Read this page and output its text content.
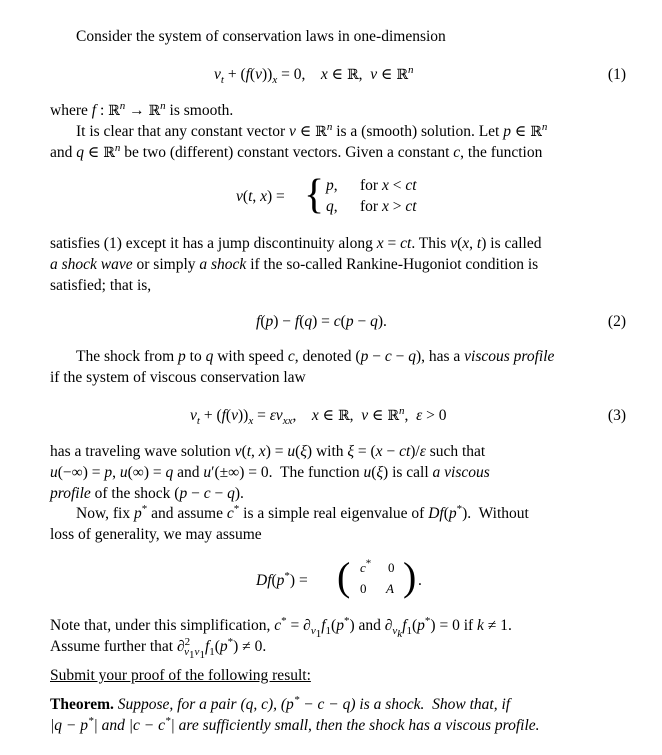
Consider the system of conservation laws in one-dimension
$v_t + (f(v))_x = 0$,    x ∈ ℝ,  v ∈ ℝ$^n$	(1)
where f : ℝ$^n$ → ℝ$^n$ is smooth.
It is clear that any constant vector v ∈ ℝ$^n$ is a (smooth) solution. Let p ∈ ℝ$^n$
and q ∈ ℝ$^n$ be two (different) constant vectors. Given a constant c, the function
v(t, x) = { p, for x < ct
q, for x > ct
satisfies (1) except it has a jump discontinuity along x = ct. This v(x, t) is called
a shock wave or simply a shock if the so-called Rankine-Hugoniot condition is
satisfied; that is,
f(p) − f(q) = c(p − q).	(2)
The shock from p to q with speed c, denoted (p − c − q), has a viscous profile
if the system of viscous conservation law
$v_t + (f(v))_x = \varepsilon v_{xx}$,    x ∈ ℝ,  v ∈ ℝ$^n$,  ε > 0	(3)
has a traveling wave solution v(t, x) = u(ξ) with ξ = (x − ct)/ε such that
u(−∞) = p, u(∞) = q and u′(±∞) = 0.  The function u(ξ) is call a viscous
profile of the shock (p − c − q).
Now, fix p* and assume c* is a simple real eigenvalue of Df(p*).  Without
loss of generality, we may assume
Df(p*) = ( c* 0
0 A ) .
Note that, under this simplification, $c^* = \partial_{v_1}f_1(p^*)$ and $\partial_{v_k}f_1(p^*) = 0$ if k ≠ 1.
Assume further that $\partial^2_{v_1v_1}f_1(p^*) \ne 0$.
Submit your proof of the following result:
Theorem. Suppose, for a pair (q, c), (p* − c − q) is a shock.  Show that, if
|q − p*| and |c − c*| are sufficiently small, then the shock has a viscous profile.
